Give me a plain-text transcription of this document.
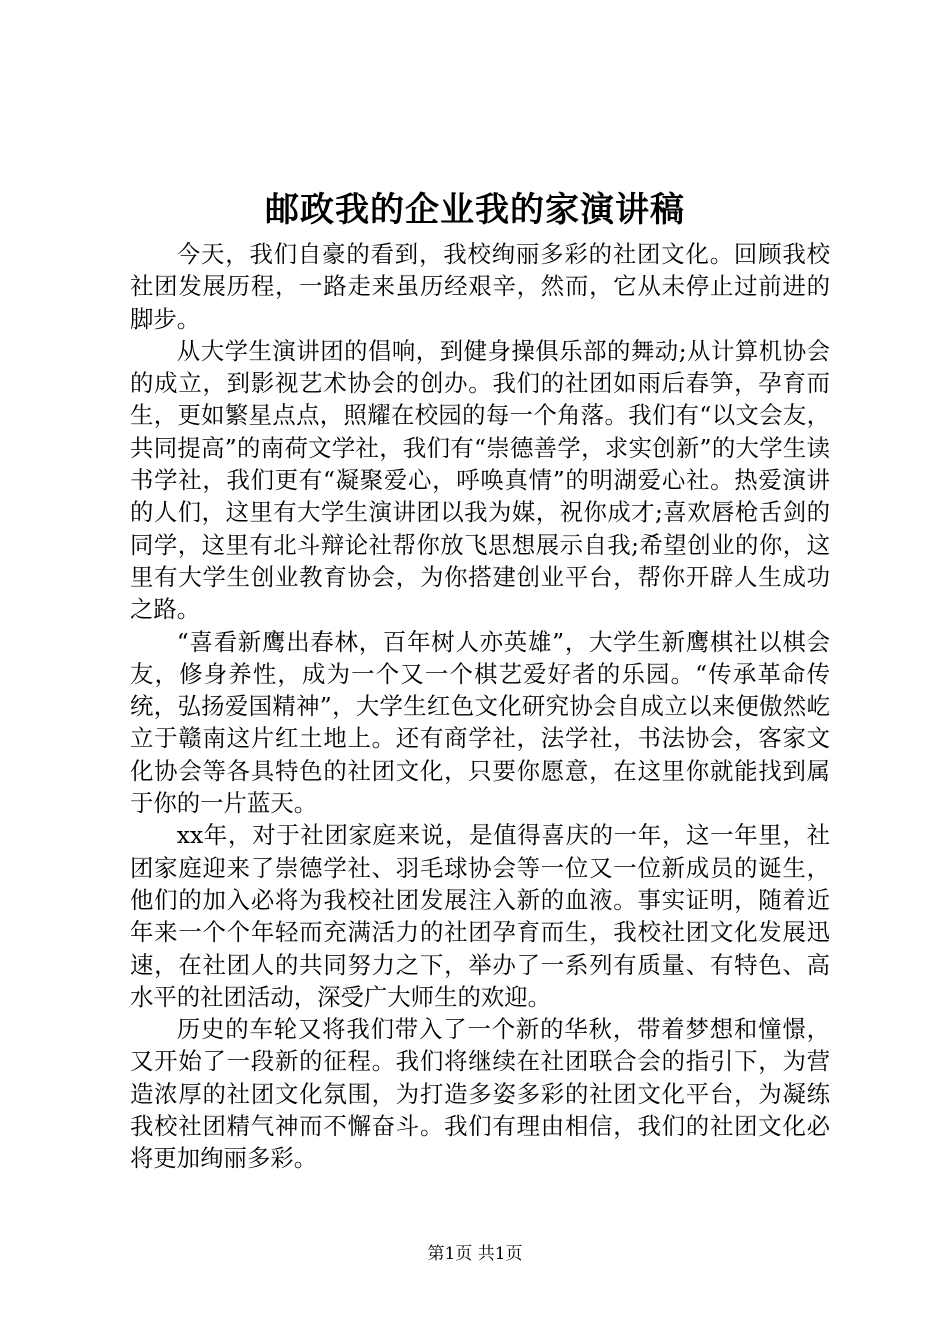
邮政我的企业我的家演讲稿

今天，我们自豪的看到，我校绚丽多彩的社团文化。回顾我校社团发展历程，一路走来虽历经艰辛，然而，它从未停止过前进的脚步。

从大学生演讲团的倡响，到健身操俱乐部的舞动;从计算机协会的成立，到影视艺术协会的创办。我们的社团如雨后春笋，孕育而生，更如繁星点点，照耀在校园的每一个角落。我们有“以文会友，共同提高”的南荷文学社，我们有“崇德善学，求实创新”的大学生读书学社，我们更有“凝聚爱心，呼唤真情”的明湖爱心社。热爱演讲的人们，这里有大学生演讲团以我为媒，祝你成才;喜欢唇枪舌剑的同学，这里有北斗辩论社帮你放飞思想展示自我;希望创业的你，这里有大学生创业教育协会，为你搭建创业平台，帮你开辟人生成功之路。

“喜看新鹰出春林，百年树人亦英雄”，大学生新鹰棋社以棋会友，修身养性，成为一个又一个棋艺爱好者的乐园。“传承革命传统，弘扬爱国精神”，大学生红色文化研究协会自成立以来便傲然屹立于赣南这片红土地上。还有商学社，法学社，书法协会，客家文化协会等各具特色的社团文化，只要你愿意，在这里你就能找到属于你的一片蓝天。

xx年，对于社团家庭来说，是值得喜庆的一年，这一年里，社团家庭迎来了崇德学社、羽毛球协会等一位又一位新成员的诞生，他们的加入必将为我校社团发展注入新的血液。事实证明，随着近年来一个个年轻而充满活力的社团孕育而生，我校社团文化发展迅速，在社团人的共同努力之下，举办了一系列有质量、有特色、高水平的社团活动，深受广大师生的欢迎。

历史的车轮又将我们带入了一个新的华秋，带着梦想和憧憬，又开始了一段新的征程。我们将继续在社团联合会的指引下，为营造浓厚的社团文化氛围，为打造多姿多彩的社团文化平台，为凝练我校社团精气神而不懈奋斗。我们有理由相信，我们的社团文化必将更加绚丽多彩。

第1页 共1页
